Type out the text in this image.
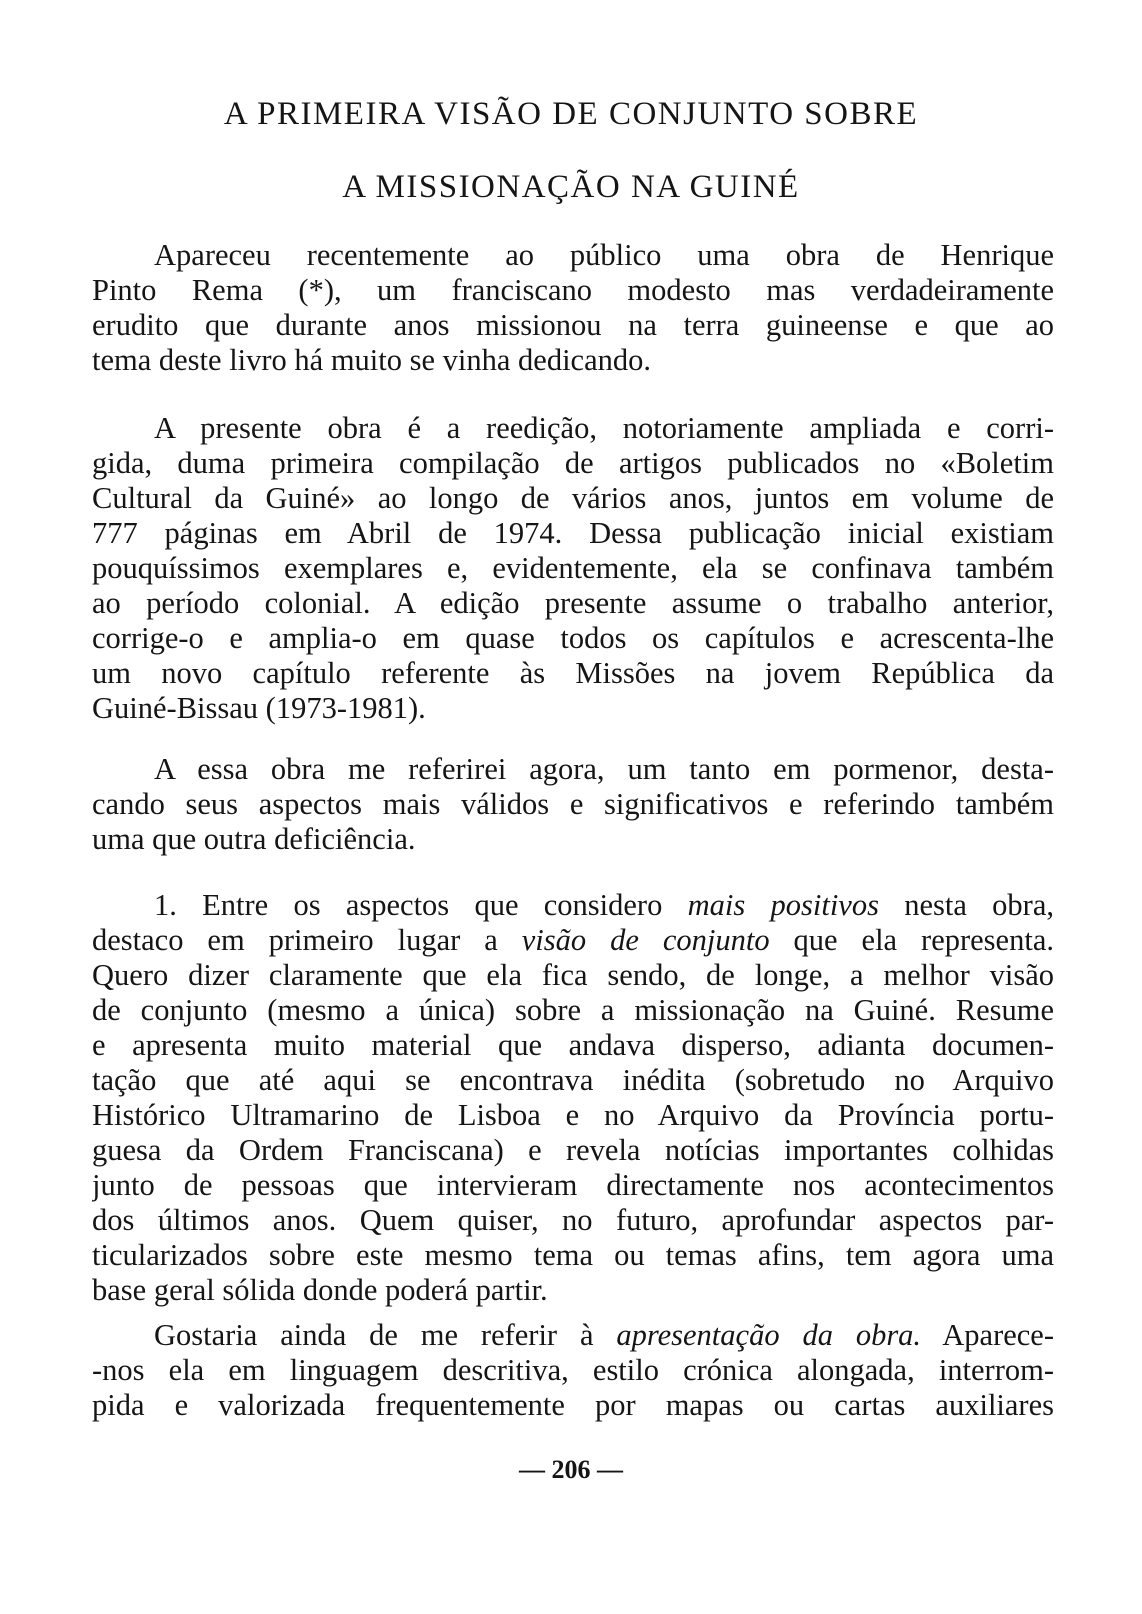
A PRIMEIRA VISÃO DE CONJUNTO SOBRE
A MISSIONAÇÃO NA GUINÉ

Apareceu recentemente ao público uma obra de Henrique
Pinto Rema (*), um franciscano modesto mas verdadeiramente
erudito que durante anos missionou na terra guineense e que ao
tema deste livro há muito se vinha dedicando.

A presente obra é a reedição, notoriamente ampliada e corri-
gida, duma primeira compilação de artigos publicados no «Boletim
Cultural da Guiné» ao longo de vários anos, juntos em volume de
777 páginas em Abril de 1974. Dessa publicação inicial existiam
pouquíssimos exemplares e, evidentemente, ela se confinava também
ao período colonial. A edição presente assume o trabalho anterior,
corrige-o e amplia-o em quase todos os capítulos e acrescenta-lhe
um novo capítulo referente às Missões na jovem República da
Guiné-Bissau (1973-1981).

A essa obra me referirei agora, um tanto em pormenor, desta-
cando seus aspectos mais válidos e significativos e referindo também
uma que outra deficiência.

1. Entre os aspectos que considero mais positivos nesta obra,
destaco em primeiro lugar a visão de conjunto que ela representa.
Quero dizer claramente que ela fica sendo, de longe, a melhor visão
de conjunto (mesmo a única) sobre a missionação na Guiné. Resume
e apresenta muito material que andava disperso, adianta documen-
tação que até aqui se encontrava inédita (sobretudo no Arquivo
Histórico Ultramarino de Lisboa e no Arquivo da Província portu-
guesa da Ordem Franciscana) e revela notícias importantes colhidas
junto de pessoas que intervieram directamente nos acontecimentos
dos últimos anos. Quem quiser, no futuro, aprofundar aspectos par-
ticularizados sobre este mesmo tema ou temas afins, tem agora uma
base geral sólida donde poderá partir.

Gostaria ainda de me referir à apresentação da obra. Aparece-
-nos ela em linguagem descritiva, estilo crónica alongada, interrom-
pida e valorizada frequentemente por mapas ou cartas auxiliares

— 206 —
